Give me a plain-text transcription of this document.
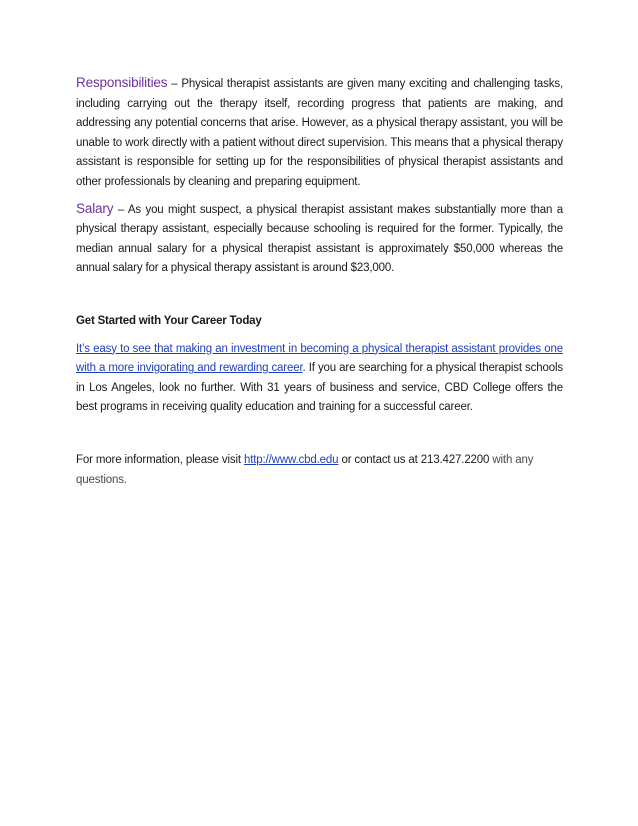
Responsibilities – Physical therapist assistants are given many exciting and challenging tasks, including carrying out the therapy itself, recording progress that patients are making, and addressing any potential concerns that arise. However, as a physical therapy assistant, you will be unable to work directly with a patient without direct supervision. This means that a physical therapy assistant is responsible for setting up for the responsibilities of physical therapist assistants and other professionals by cleaning and preparing equipment.

Salary – As you might suspect, a physical therapist assistant makes substantially more than a physical therapy assistant, especially because schooling is required for the former. Typically, the median annual salary for a physical therapist assistant is approximately $50,000 whereas the annual salary for a physical therapy assistant is around $23,000.

Get Started with Your Career Today

It’s easy to see that making an investment in becoming a physical therapist assistant provides one with a more invigorating and rewarding career. If you are searching for a physical therapist schools in Los Angeles, look no further. With 31 years of business and service, CBD College offers the best programs in receiving quality education and training for a successful career.

For more information, please visit http://www.cbd.edu or contact us at 213.427.2200 with any questions.
